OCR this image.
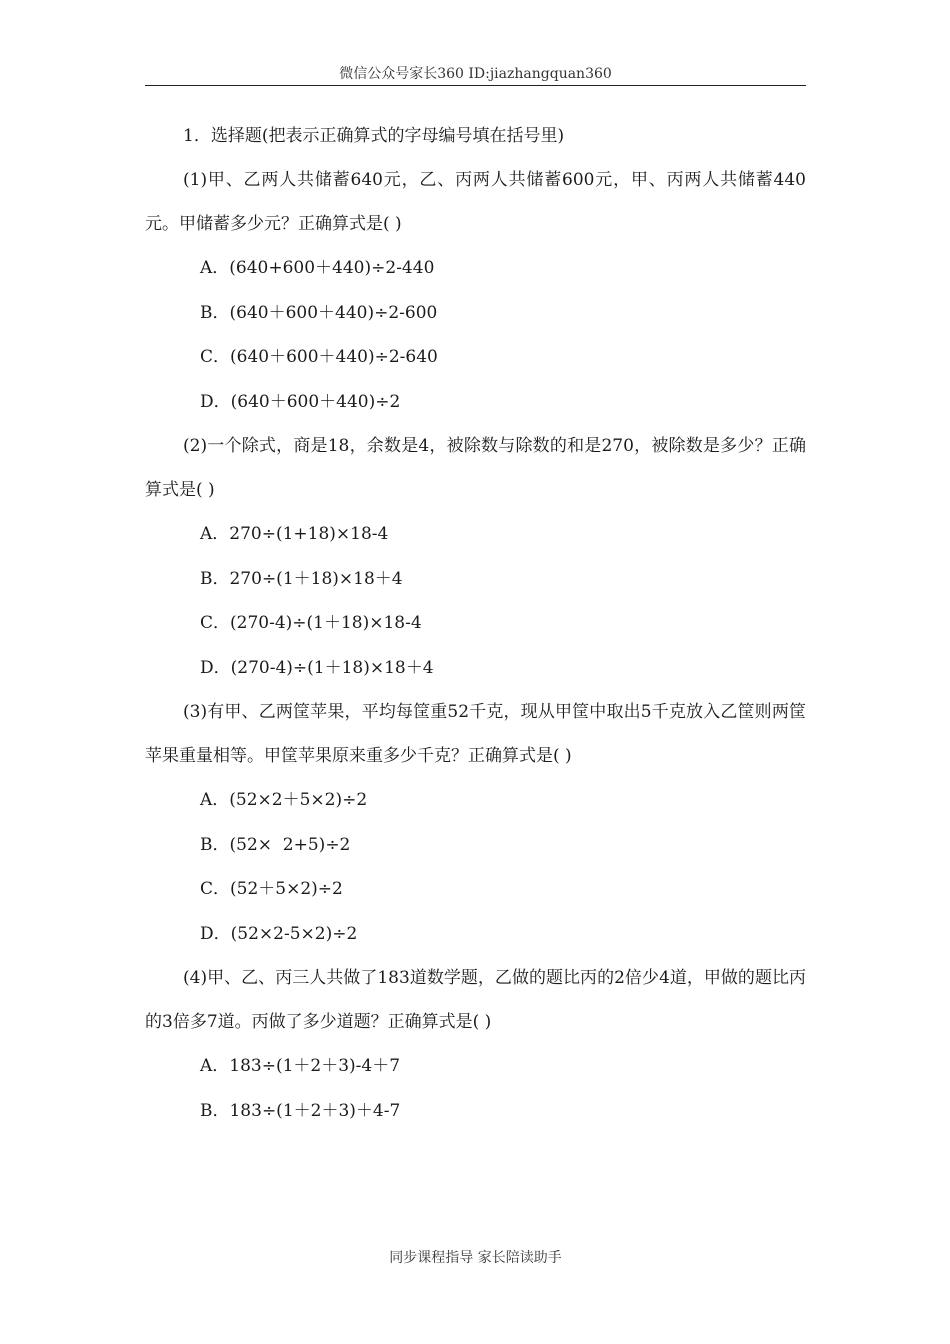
微信公众号家长360 ID:jiazhangquan360

1．选择题(把表示正确算式的字母编号填在括号里)

(1)甲、乙两人共储蓄640元，乙、丙两人共储蓄600元，甲、丙两人共储蓄440元。甲储蓄多少元？正确算式是( )

A．(640+600＋440)÷2-440
B．(640＋600＋440)÷2-600
C．(640＋600＋440)÷2-640
D．(640＋600＋440)÷2

(2)一个除式，商是18，余数是4，被除数与除数的和是270，被除数是多少？正确算式是( )

A．270÷(1+18)×18-4
B．270÷(1＋18)×18＋4
C．(270-4)÷(1＋18)×18-4
D．(270-4)÷(1＋18)×18＋4

(3)有甲、乙两筐苹果，平均每筐重52千克，现从甲筐中取出5千克放入乙筐则两筐苹果重量相等。甲筐苹果原来重多少千克？正确算式是( )

A．(52×2＋5×2)÷2
B．(52×  2+5)÷2
C．(52＋5×2)÷2
D．(52×2-5×2)÷2

(4)甲、乙、丙三人共做了183道数学题，乙做的题比丙的2倍少4道，甲做的题比丙的3倍多7道。丙做了多少道题？正确算式是( )

A．183÷(1＋2＋3)-4＋7
B．183÷(1＋2＋3)＋4-7
同步课程指导 家长陪读助手
